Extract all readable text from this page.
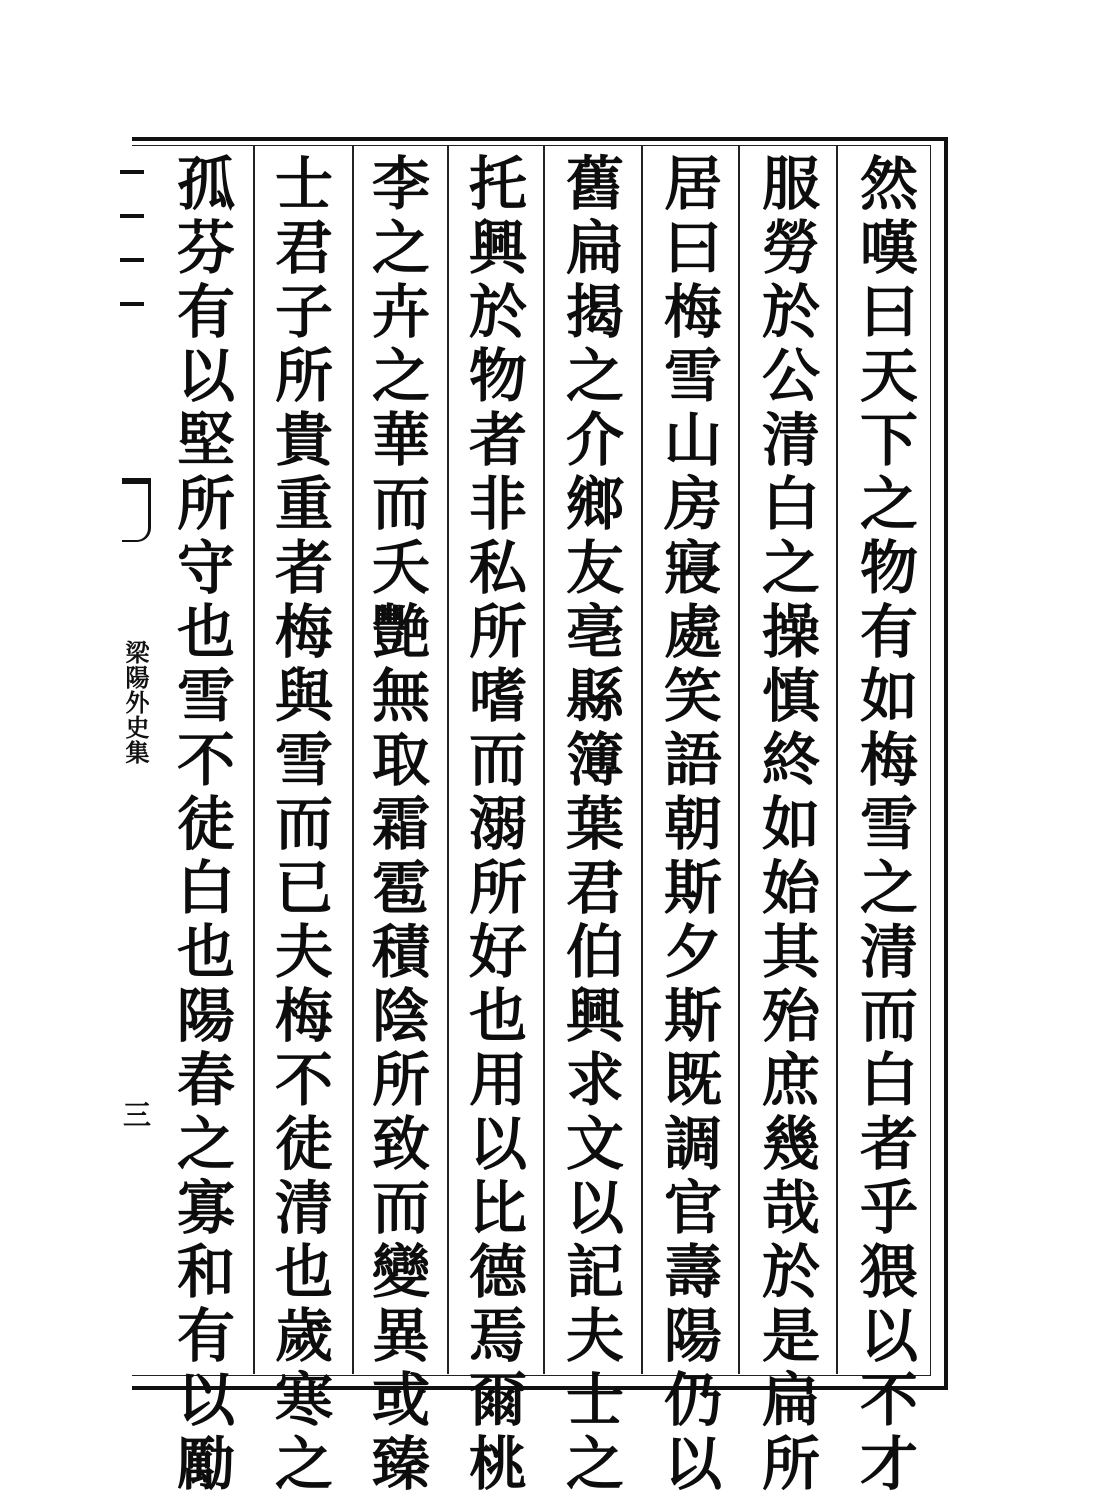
梁陽外史集
三
然
嘆
曰
天
下
之
物
有
如
梅
雪
之
清
而
白
者
乎
猥
以
不
才
服
勞
於
公
清
白
之
操
慎
終
如
始
其
殆
庶
幾
哉
於
是
扁
所
居
曰
梅
雪
山
房
寢
處
笑
語
朝
斯
夕
斯
既
調
官
壽
陽
仍
以
舊
扁
揭
之
介
鄉
友
亳
縣
簿
葉
君
伯
興
求
文
以
記
夫
士
之
托
興
於
物
者
非
私
所
嗜
而
溺
所
好
也
用
以
比
德
焉
爾
桃
李
之
卉
之
華
而
夭
艷
無
取
霜
雹
積
陰
所
致
而
變
異
或
臻
士
君
子
所
貴
重
者
梅
與
雪
而
已
夫
梅
不
徒
清
也
歲
寒
之
孤
芬
有
以
堅
所
守
也
雪
不
徒
白
也
陽
春
之
寡
和
有
以
勵
